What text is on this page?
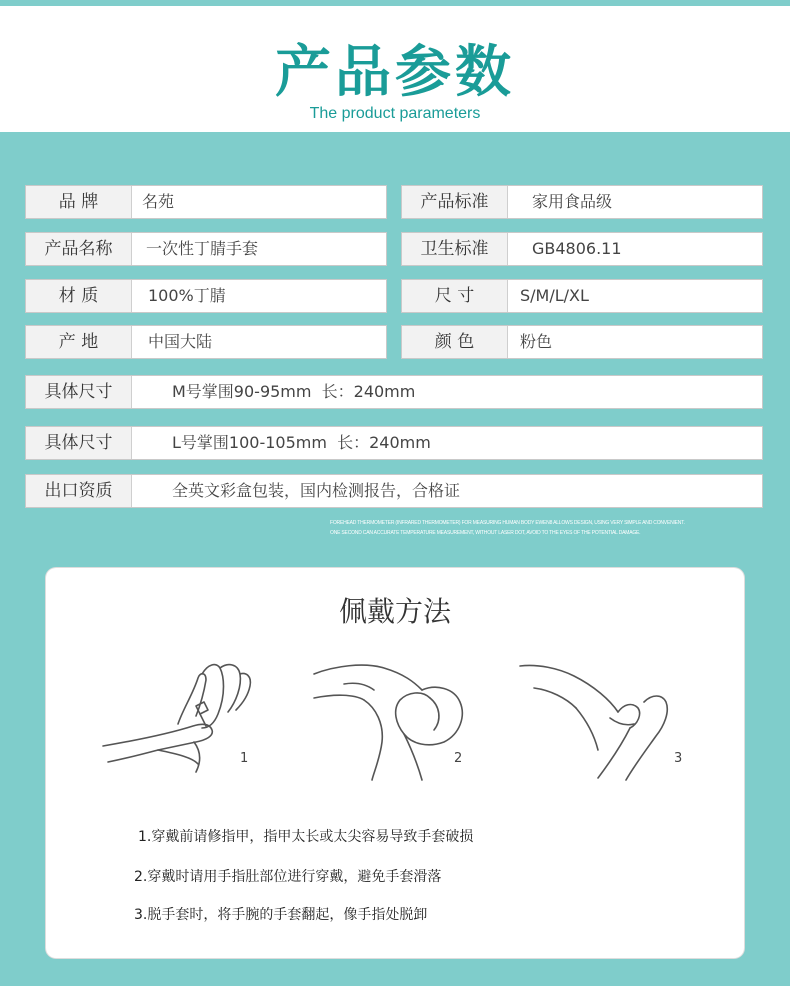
产品参数
The product parameters
品 牌	名苑	产品标准	家用食品级
产品名称	一次性丁腈手套	卫生标准	GB4806.11
材 质	100%丁腈	尺 寸	S/M/L/XL
产 地	中国大陆	颜 色	粉色
具体尺寸	M号掌围90-95mm  长：240mm
具体尺寸	L号掌围100-105mm  长：240mm
出口资质	全英文彩盒包装，国内检测报告，合格证
FOREHEAD THERMOMETER (INFRARED THERMOMETER) FOR MEASURING HUMAN BODY EWEN8 ALLOWS DESIGN, USING VERY SIMPLE AND CONVENIENT.
ONE SECOND CAN ACCURATE TEMPERATURE MEASUREMENT, WITHOUT LASER DOT, AVOID TO THE EYES OF THE POTENTIAL DAMAGE.
佩戴方法
1	2	3
1.穿戴前请修指甲，指甲太长或太尖容易导致手套破损
2.穿戴时请用手指肚部位进行穿戴，避免手套滑落
3.脱手套时，将手腕的手套翻起，像手指处脱卸
